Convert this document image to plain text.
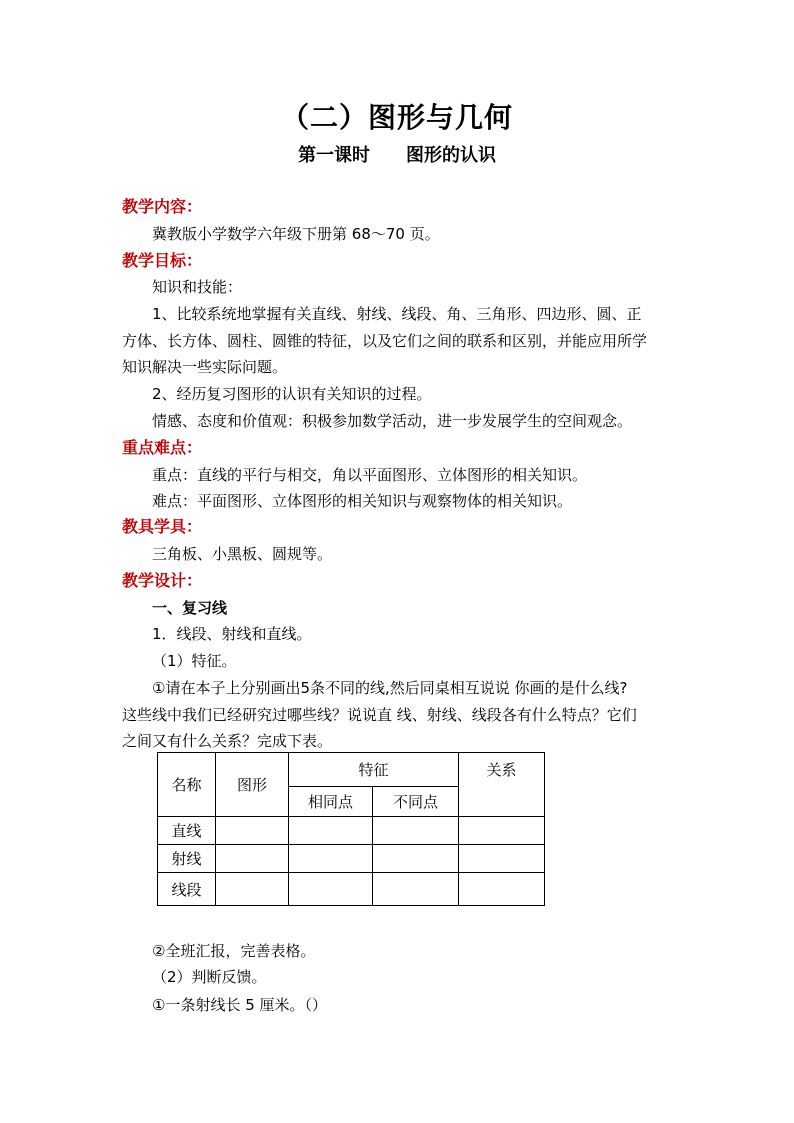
（二）图形与几何
第一课时 图形的认识
教学内容：
冀教版小学数学六年级下册第 68～70 页。
教学目标：
知识和技能：
1、比较系统地掌握有关直线、射线、线段、角、三角形、四边形、圆、正
方体、长方体、圆柱、圆锥的特征，以及它们之间的联系和区别，并能应用所学
知识解决一些实际问题。
2、经历复习图形的认识有关知识的过程。
情感、态度和价值观：积极参加数学活动，进一步发展学生的空间观念。
重点难点：
重点：直线的平行与相交，角以平面图形、立体图形的相关知识。
难点：平面图形、立体图形的相关知识与观察物体的相关知识。
教具学具：
三角板、小黑板、圆规等。
教学设计：
一、复习线
1．线段、射线和直线。
（1）特征。
①请在本子上分别画出5条不同的线,然后同桌相互说说 你画的是什么线?
这些线中我们已经研究过哪些线？说说直 线、射线、线段各有什么特点？它们
之间又有什么关系？完成下表。
名称	图形	特征		关系
		相同点	不同点	
直线				
射线				
线段				
②全班汇报，完善表格。
（2）判断反馈。
①一条射线长 5 厘米。（）
